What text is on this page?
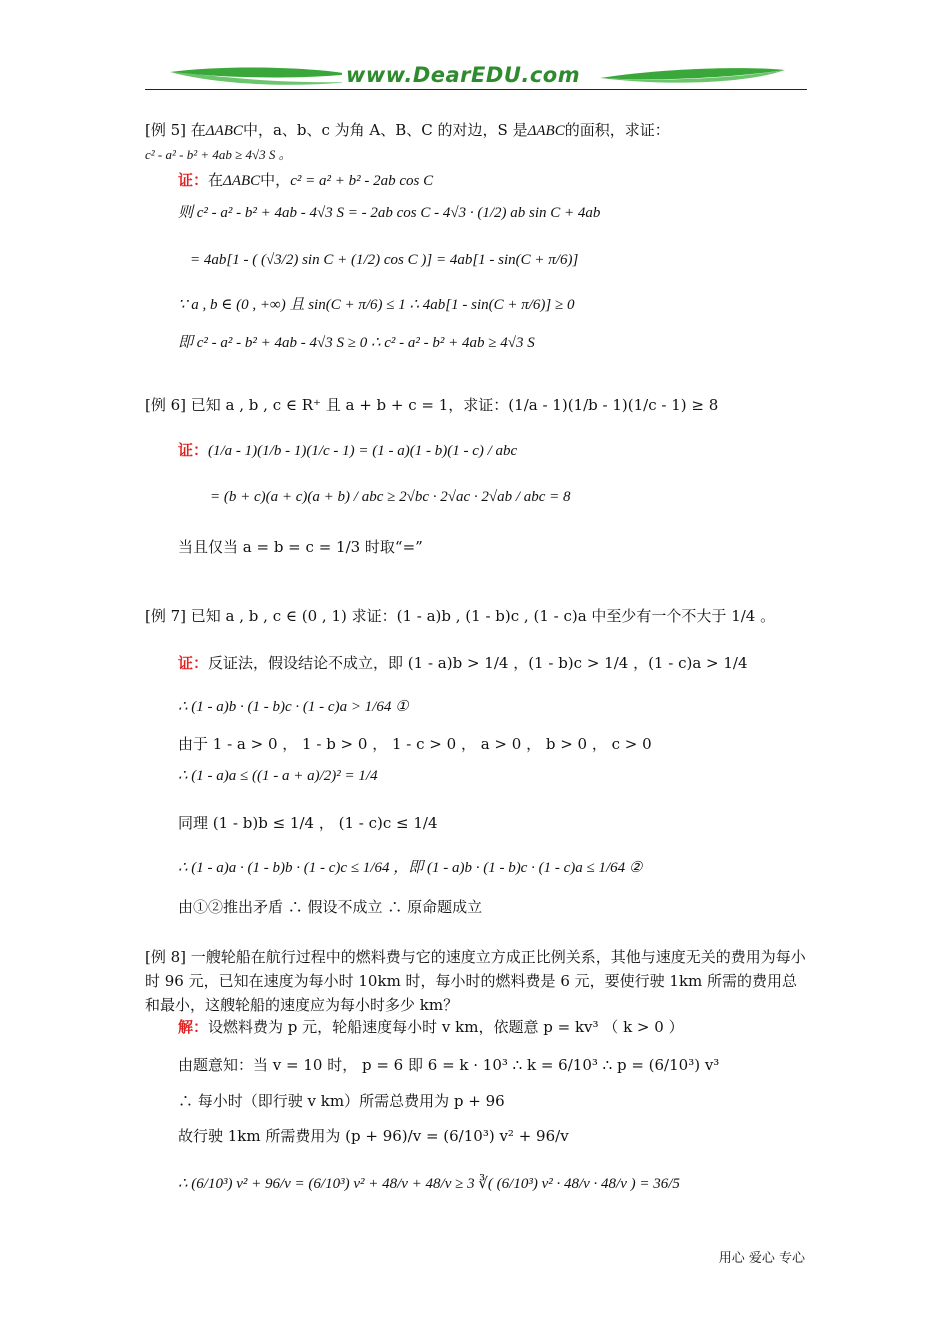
www.DearEDU.com
[例 5] 在ΔABC中，a、b、c 为角 A、B、C 的对边，S 是ΔABC的面积，求证：
c² - a² - b² + 4ab ≥ 4√3 S 。
证：在ΔABC中，c² = a² + b² - 2ab cos C
则 c² - a² - b² + 4ab - 4√3 S = - 2ab cos C - 4√3 · (1/2) ab sin C + 4ab
= 4ab[1 - ( (√3/2) sin C + (1/2) cos C )] = 4ab[1 - sin(C + π/6)]
∵ a , b ∈ (0 , +∞) 且 sin(C + π/6) ≤ 1 ∴ 4ab[1 - sin(C + π/6)] ≥ 0
即 c² - a² - b² + 4ab - 4√3 S ≥ 0 ∴ c² - a² - b² + 4ab ≥ 4√3 S
[例 6] 已知 a , b , c ∈ R⁺ 且 a + b + c = 1，求证：(1/a - 1)(1/b - 1)(1/c - 1) ≥ 8
证：(1/a - 1)(1/b - 1)(1/c - 1) = (1 - a)(1 - b)(1 - c) / abc
= (b + c)(a + c)(a + b) / abc ≥ 2√bc · 2√ac · 2√ab / abc = 8
当且仅当 a = b = c = 1/3 时取“=”
[例 7] 已知 a , b , c ∈ (0 , 1) 求证：(1 - a)b , (1 - b)c , (1 - c)a 中至少有一个不大于 1/4 。
证：反证法，假设结论不成立，即 (1 - a)b > 1/4 ，(1 - b)c > 1/4 ，(1 - c)a > 1/4
∴ (1 - a)b · (1 - b)c · (1 - c)a > 1/64 ①
由于 1 - a > 0 ， 1 - b > 0 ， 1 - c > 0 ， a > 0 ， b > 0 ， c > 0
∴ (1 - a)a ≤ ((1 - a + a)/2)² = 1/4
同理 (1 - b)b ≤ 1/4 ， (1 - c)c ≤ 1/4
∴ (1 - a)a · (1 - b)b · (1 - c)c ≤ 1/64 ，即 (1 - a)b · (1 - b)c · (1 - c)a ≤ 1/64 ②
由①②推出矛盾 ∴ 假设不成立 ∴ 原命题成立
[例 8] 一艘轮船在航行过程中的燃料费与它的速度立方成正比例关系，其他与速度无关的费用为每小时 96 元，已知在速度为每小时 10km 时，每小时的燃料费是 6 元，要使行驶 1km 所需的费用总和最小，这艘轮船的速度应为每小时多少 km？
解：设燃料费为 p 元，轮船速度每小时 v km，依题意 p = kv³ （ k > 0 ）
由题意知：当 v = 10 时， p = 6 即 6 = k · 10³ ∴ k = 6/10³ ∴ p = (6/10³) v³
∴ 每小时（即行驶 v km）所需总费用为 p + 96
故行驶 1km 所需费用为 (p + 96)/v = (6/10³) v² + 96/v
∴ (6/10³) v² + 96/v = (6/10³) v² + 48/v + 48/v ≥ 3 ∛( (6/10³) v² · 48/v · 48/v ) = 36/5
用心 爱心 专心
